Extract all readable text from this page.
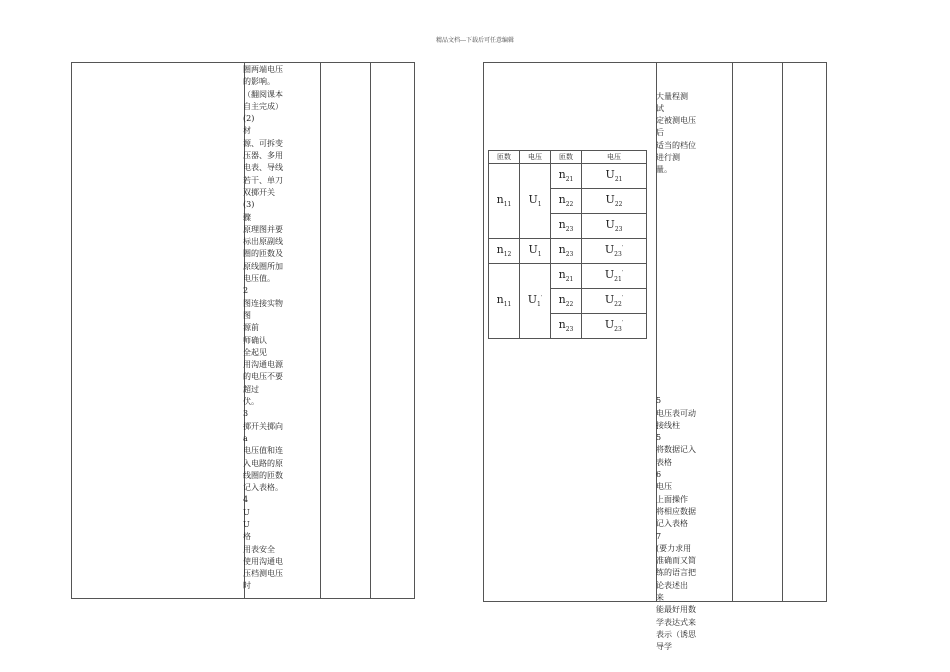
精品文档---下载后可任意编辑
圈两端电压
的影响。
（翻阅课本
自主完成）
(2)
材
源、可拆变
压器、多用
电表、导线
若干、单刀
双掷开关
(3)
骤
原理图并要
标出原副线
圈的匝数及
原线圈所加
电压值。
2
图连接实物
图
源前
师确认
全起见
用沟通电源
的电压不要
超过
伏。
3
掷开关掷向
a
电压值和连
入电路的原
线圈的匝数
记入表格。
4
U
U
格
用表安全
使用沟通电
压档测电压
时

大量程测
试
定被测电压
后
适当的档位
进行测
量。

5
电压表可动
接线柱
5
将数据记入
表格
6
电压
上面操作
将相应数据
记入表格
7
(要力求用
准确而又简
练的语言把
论表述出
来
能最好用数
学表达式来
表示（诱思
导学

匝数	电压	匝数	电压
$n_{11}$	$U_1$	$n_{21}$	$U_{21}$
		$n_{22}$	$U_{22}$
		$n_{23}$	$U_{23}$
$n_{12}$	$U_1$	$n_{23}$	$U_{23}'$
$n_{11}$	$U_1'$	$n_{21}$	$U_{21}'$
		$n_{22}$	$U_{22}'$
		$n_{23}$	$U_{23}'$
